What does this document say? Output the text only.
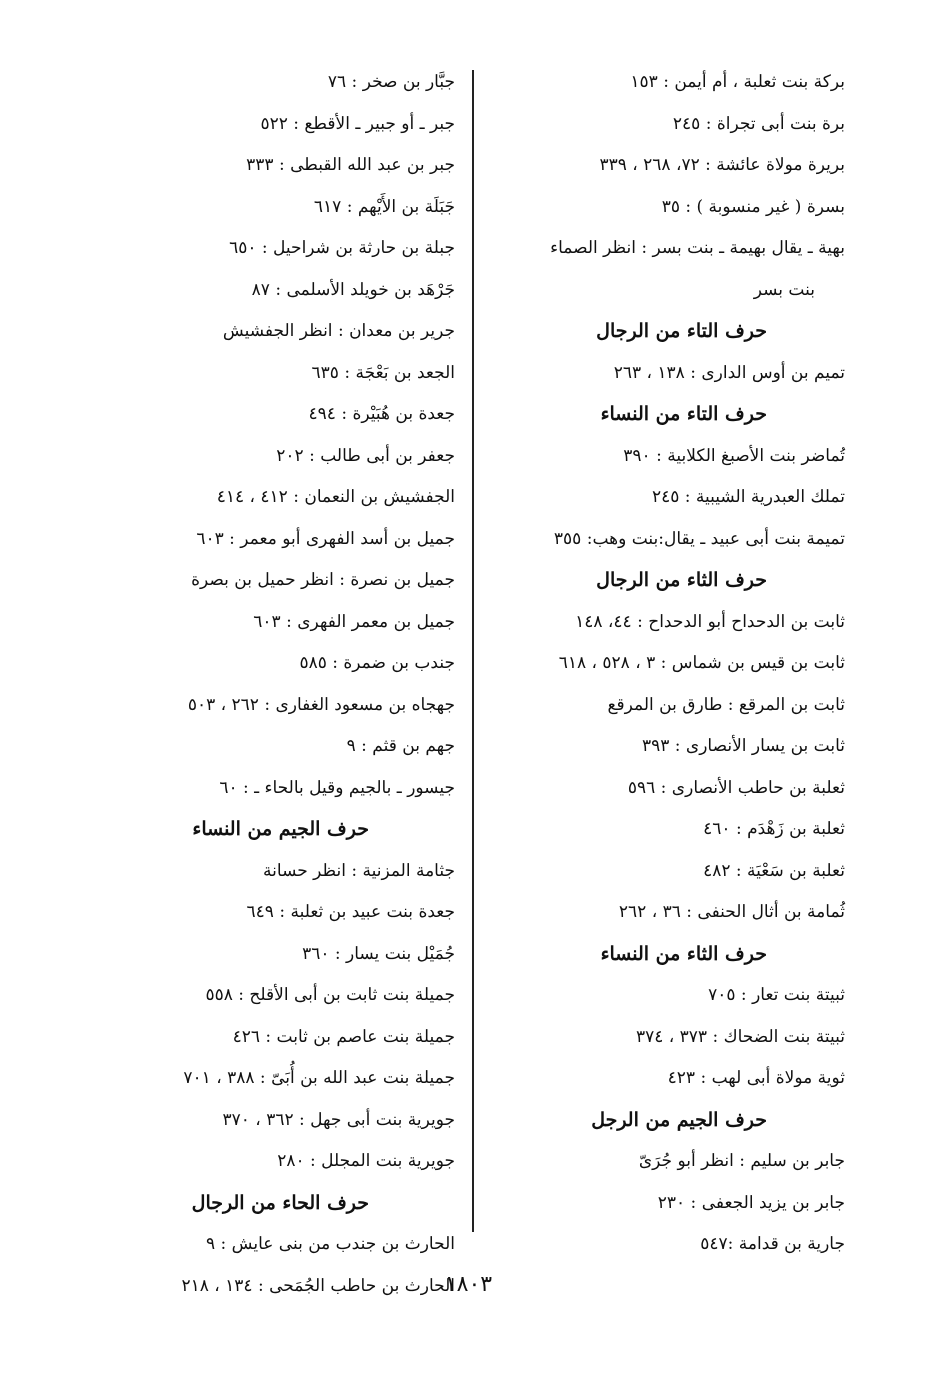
بركة بنت ثعلبة ، أم أيمن : ١٥٣
برة بنت أبى تجراة : ٢٤٥
بريرة مولاة عائشة : ٧٢، ٢٦٨ ، ٣٣٩
بسرة ( غير منسوبة ) : ٣٥
بهية ـ يقال بهيمة ـ بنت بسر : انظر الصماء
بنت بسر
حرف التاء من الرجال
تميم بن أوس الدارى : ١٣٨ ، ٢٦٣
حرف التاء من النساء
تُماضر بنت الأصبغ الكلابية : ٣٩٠
تملك العبدرية الشيبية : ٢٤٥
تميمة بنت أبى عبيد ـ يقال:بنت وهب: ٣٥٥
حرف الثاء من الرجال
ثابت بن الدحداح أبو الدحداح : ٤٤، ١٤٨
ثابت بن قيس بن شماس : ٣ ، ٥٢٨ ، ٦١٨
ثابت بن المرقع : طارق بن المرقع
ثابت بن يسار الأنصارى : ٣٩٣
ثعلبة بن حاطب الأنصارى : ٥٩٦
ثعلبة بن زَهْدَم : ٤٦٠
ثعلبة بن سَعْيَة : ٤٨٢
ثُمامة بن أثال الحنفى : ٣٦ ، ٢٦٢
حرف الثاء من النساء
ثبيتة بنت تعار : ٧٠٥
ثبيتة بنت الضحاك : ٣٧٣ ، ٣٧٤
ثوية مولاة أبى لهب : ٤٢٣
حرف الجيم من الرجل
جابر بن سليم : انظر أبو جُرَىّ
جابر بن يزيد الجعفى : ٢٣٠
جارية بن قدامة :٥٤٧
جبَّار بن صخر : ٧٦
جبر ـ أو جبير ـ الأقطع : ٥٢٢
جبر بن عبد الله القبطى : ٣٣٣
جَبَلَة بن الأَيْهم : ٦١٧
جبلة بن حارثة بن شراحيل : ٦٥٠
جَرْهَد بن خويلد الأسلمى : ٨٧
جرير بن معدان : انظر الجفشيش
الجعد بن بَعْجَة : ٦٣٥
جعدة بن هُبَيْرة : ٤٩٤
جعفر بن أبى طالب : ٢٠٢
الجفشيش بن النعمان : ٤١٢ ، ٤١٤
جميل بن أسد الفهرى أبو معمر : ٦٠٣
جميل بن نصرة : انظر حميل بن بصرة
جميل بن معمر الفهرى : ٦٠٣
جندب بن ضمرة : ٥٨٥
جهجاه بن مسعود الغفارى : ٢٦٢ ، ٥٠٣
جهم بن قثم : ٩
جيسور ـ بالجيم وقيل بالحاء ـ : ٦٠
حرف الجيم من النساء
جثامة المزنية : انظر حسانة
جعدة بنت عبيد بن ثعلبة : ٦٤٩
جُمَيْل بنت يسار : ٣٦٠
جميلة بنت ثابت بن أبى الأقلح : ٥٥٨
جميلة بنت عاصم بن ثابت : ٤٢٦
جميلة بنت عبد الله بن أُبَىّ : ٣٨٨ ، ٧٠١
جويرية بنت أبى جهل : ٣٦٢ ، ٣٧٠
جويرية بنت المجلل : ٢٨٠
حرف الحاء من الرجال
الحارث بن جندب من بنى عايش : ٩
الحارث بن حاطب الجُمَحى : ١٣٤ ، ٢١٨
١٨٠٣
